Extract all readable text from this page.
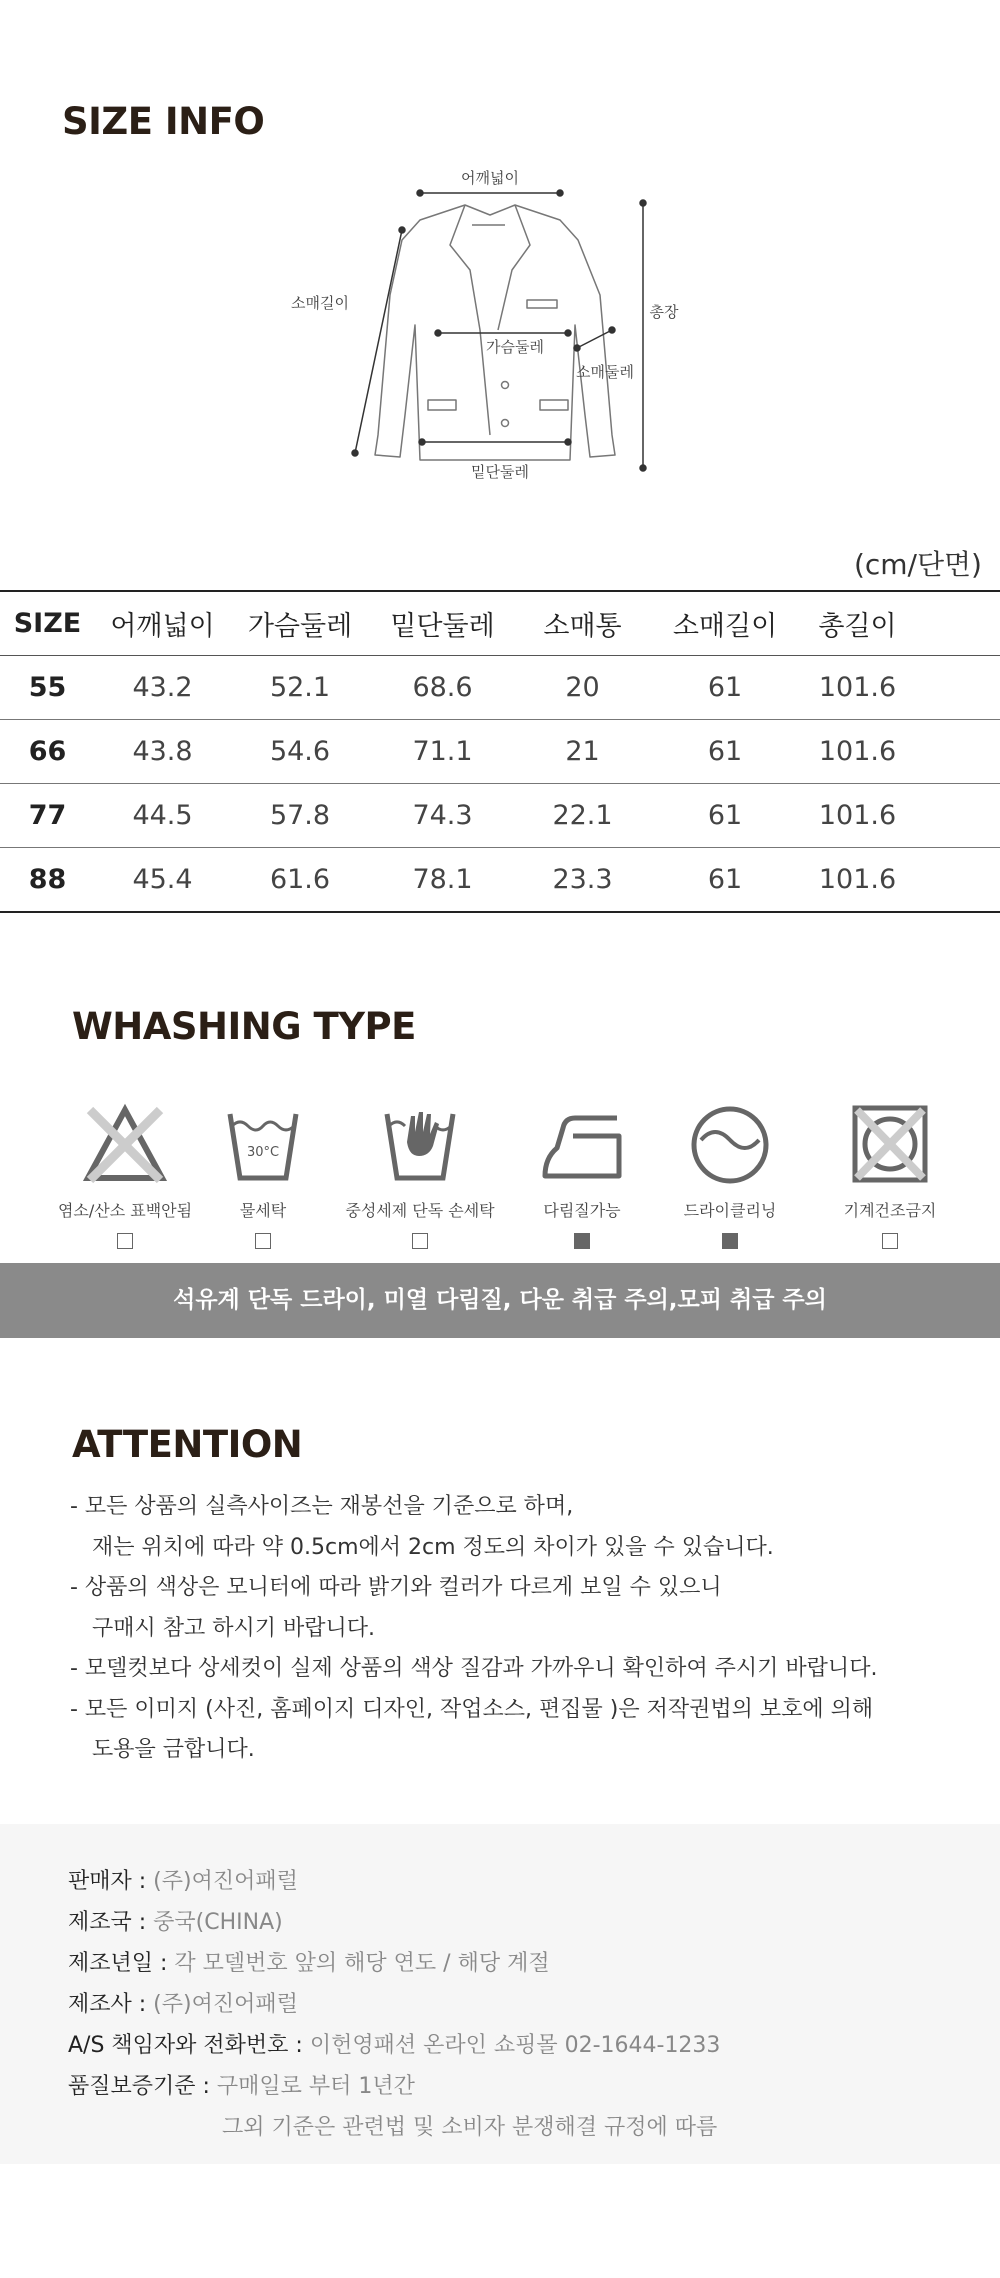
SIZE INFO
어깨넓이
소매길이
가슴둘레
소매둘레
총장
밑단둘레
(cm/단면)
SIZE	어깨넓이	가슴둘레	밑단둘레	소매통	소매길이	총길이	
55	43.2	52.1	68.6	20	61	101.6	
66	43.8	54.6	71.1	21	61	101.6	
77	44.5	57.8	74.3	22.1	61	101.6	
88	45.4	61.6	78.1	23.3	61	101.6	
WHASHING TYPE
염소/산소 표백안됨
30°C
물세탁	중성세제 단독 손세탁	다림질가능	드라이클리닝	기계건조금지
석유계 단독 드라이, 미열 다림질, 다운 취급 주의,모피 취급 주의
ATTENTION
- 모든 상품의 실측사이즈는 재봉선을 기준으로 하며,
재는 위치에 따라 약 0.5cm에서 2cm 정도의 차이가 있을 수 있습니다.
- 상품의 색상은 모니터에 따라 밝기와 컬러가 다르게 보일 수 있으니
구매시 참고 하시기 바랍니다.
- 모델컷보다 상세컷이 실제 상품의 색상 질감과 가까우니 확인하여 주시기 바랍니다.
- 모든 이미지 (사진, 홈페이지 디자인, 작업소스, 편집물 )은 저작권법의 보호에 의해
도용을 금합니다.
판매자 : (주)여진어패럴
제조국 : 중국(CHINA)
제조년일 : 각 모델번호 앞의 해당 연도 / 해당 계절
제조사 : (주)여진어패럴
A/S 책임자와 전화번호 : 이헌영패션 온라인 쇼핑몰 02-1644-1233
품질보증기준 : 구매일로 부터 1년간
그외 기준은 관련법 및 소비자 분쟁해결 규정에 따름
